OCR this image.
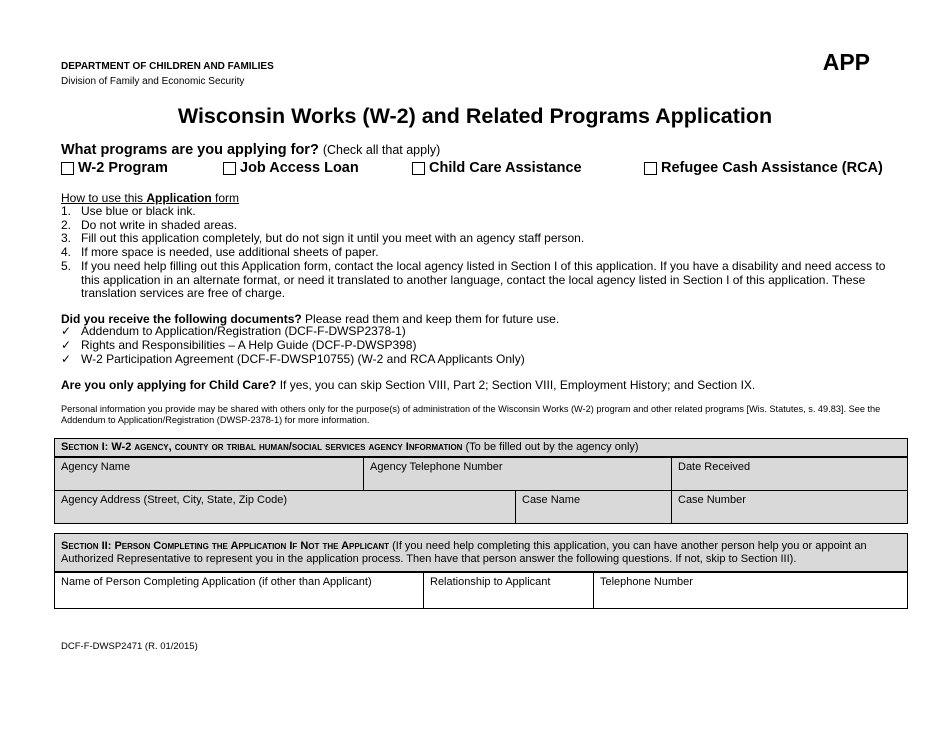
DEPARTMENT OF CHILDREN AND FAMILIES
Division of Family and Economic Security
APP
Wisconsin Works (W-2) and Related Programs Application
What programs are you applying for? (Check all that apply)
W-2 Program	Job Access Loan	Child Care Assistance	Refugee Cash Assistance (RCA)
How to use this Application form
1. Use blue or black ink.
2. Do not write in shaded areas.
3. Fill out this application completely, but do not sign it until you meet with an agency staff person.
4. If more space is needed, use additional sheets of paper.
5. If you need help filling out this Application form, contact the local agency listed in Section I of this application. If you have a disability and need access to this application in an alternate format, or need it translated to another language, contact the local agency listed in Section I of this application. These translation services are free of charge.
Did you receive the following documents? Please read them and keep them for future use.
✓ Addendum to Application/Registration (DCF-F-DWSP2378-1)
✓ Rights and Responsibilities – A Help Guide (DCF-P-DWSP398)
✓ W-2 Participation Agreement (DCF-F-DWSP10755) (W-2 and RCA Applicants Only)
Are you only applying for Child Care? If yes, you can skip Section VIII, Part 2; Section VIII, Employment History; and Section IX.
Personal information you provide may be shared with others only for the purpose(s) of administration of the Wisconsin Works (W-2) program and other related programs [Wis. Statutes, s. 49.83]. See the Addendum to Application/Registration (DWSP-2378-1) for more information.
Section I: W-2 agency, county or tribal human/social services agency Information (To be filled out by the agency only)
Agency Name	Agency Telephone Number	Date Received
Agency Address (Street, City, State, Zip Code)	Case Name	Case Number
Section II: Person Completing the Application If Not the Applicant (If you need help completing this application, you can have another person help you or appoint an Authorized Representative to represent you in the application process. Then have that person answer the following questions. If not, skip to Section III).
Name of Person Completing Application (if other than Applicant)	Relationship to Applicant	Telephone Number
DCF-F-DWSP2471 (R. 01/2015)
